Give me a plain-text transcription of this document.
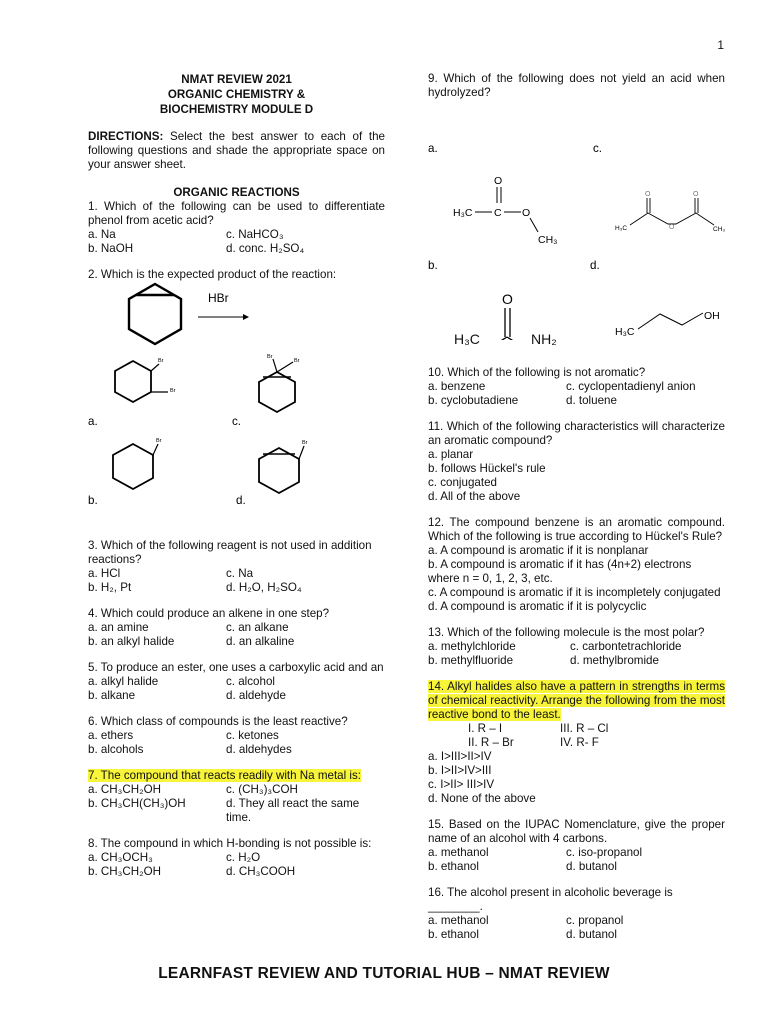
1
NMAT REVIEW 2021
ORGANIC CHEMISTRY &
BIOCHEMISTRY MODULE D
DIRECTIONS: Select the best answer to each of the following questions and shade the appropriate space on your answer sheet.
ORGANIC REACTIONS
1. Which of the following can be used to differentiate phenol from acetic acid?
a. Na	c. NaHCO₃
b. NaOH	d. conc. H₂SO₄
2. Which is the expected product of the reaction:
HBr
Br
Br
a.
Br
Br
c.
Br
b.
Br
d.
3. Which of the following reagent is not used in addition reactions?
a. HCl	c. Na
b. H₂, Pt	d. H₂O, H₂SO₄
4. Which could produce an alkene in one step?
a. an amine	c. an alkane
b. an alkyl halide	d. an alkaline
5. To produce an ester, one uses a carboxylic acid and an
a. alkyl halide	c. alcohol
b. alkane	d. aldehyde
6. Which class of compounds is the least reactive?
a. ethers	c. ketones
b. alcohols	d. aldehydes
7. The compound that reacts readily with Na metal is:
a. CH₃CH₂OH	c. (CH₃)₃COH
b. CH₃CH(CH₃)OH	d. They all react the same time.
8. The compound in which H-bonding is not possible is:
a. CH₃OCH₃	c. H₂O
b. CH₃CH₂OH	d. CH₃COOH
9. Which of the following does not yield an acid when hydrolyzed?
a.	c.
H₃C C
O
O
CH₃
H₃C
O	O
O	CH₃
b.	d.
O
H₃C
OH
H₃C	NH₂
10. Which of the following is not aromatic?
a. benzene	c. cyclopentadienyl anion
b. cyclobutadiene	d. toluene
11. Which of the following characteristics will characterize an aromatic compound?
a. planar
b. follows Hückel's rule
c. conjugated
d. All of the above
12. The compound benzene is an aromatic compound. Which of the following is true according to Hückel's Rule?
a. A compound is aromatic if it is nonplanar
b. A compound is aromatic if it has (4n+2) electrons where n = 0, 1, 2, 3, etc.
c. A compound is aromatic if it is incompletely conjugated
d. A compound is aromatic if it is polycyclic
13. Which of the following molecule is the most polar?
a. methylchloride	c. carbontetrachloride
b. methylfluoride	d. methylbromide
14. Alkyl halides also have a pattern in strengths in terms of chemical reactivity. Arrange the following from the most reactive bond to the least.
I. R – I	III. R – Cl
II. R – Br	IV. R- F
a. I>III>II>IV
b. I>II>IV>III
c. I>II> III>IV
d. None of the above
15. Based on the IUPAC Nomenclature, give the proper name of an alcohol with 4 carbons.
a. methanol	c. iso-propanol
b. ethanol	d. butanol
16. The alcohol present in alcoholic beverage is ________.
a. methanol	c. propanol
b. ethanol	d. butanol
LEARNFAST REVIEW AND TUTORIAL HUB – NMAT REVIEW
